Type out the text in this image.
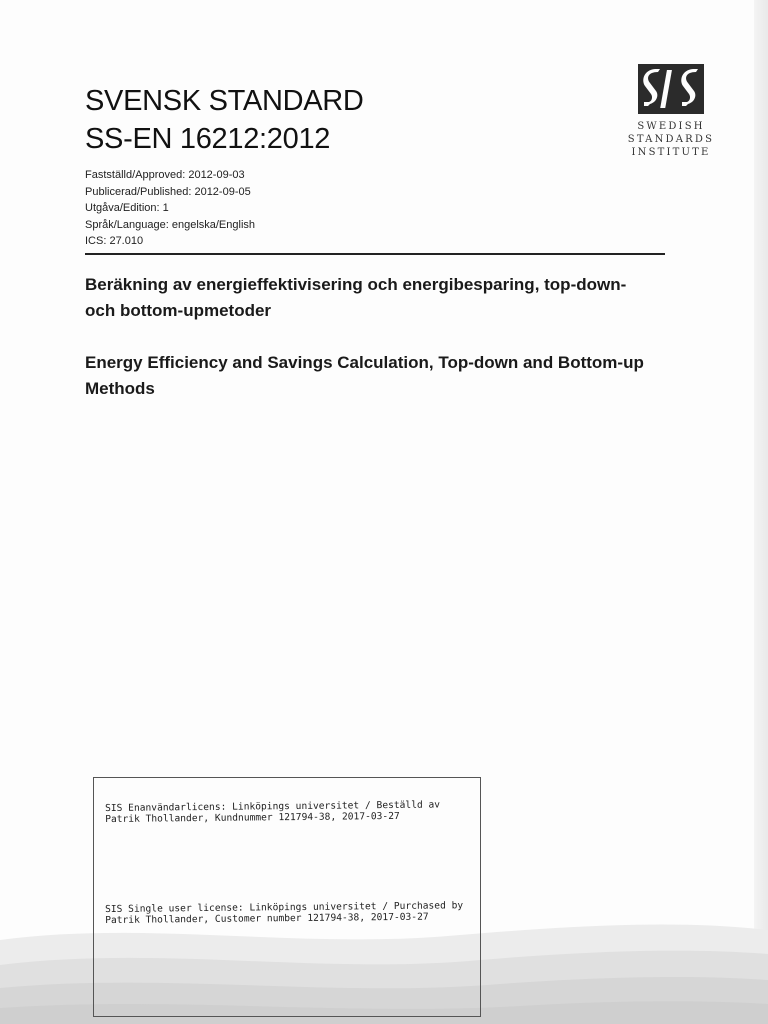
SVENSK STANDARD
SS-EN 16212:2012
Fastställd/Approved: 2012-09-03
Publicerad/Published: 2012-09-05
Utgåva/Edition: 1
Språk/Language: engelska/English
ICS: 27.010
SWEDISH
STANDARDS
INSTITUTE
Beräkning av energieffektivisering och energibesparing, top-down- och bottom-upmetoder
Energy Efficiency and Savings Calculation, Top-down and Bottom-up Methods
SIS Enanvändarlicens: Linköpings universitet / Beställd av
Patrik Thollander, Kundnummer 121794-38, 2017-03-27
SIS Single user license: Linköpings universitet / Purchased by
Patrik Thollander, Customer number 121794-38, 2017-03-27
